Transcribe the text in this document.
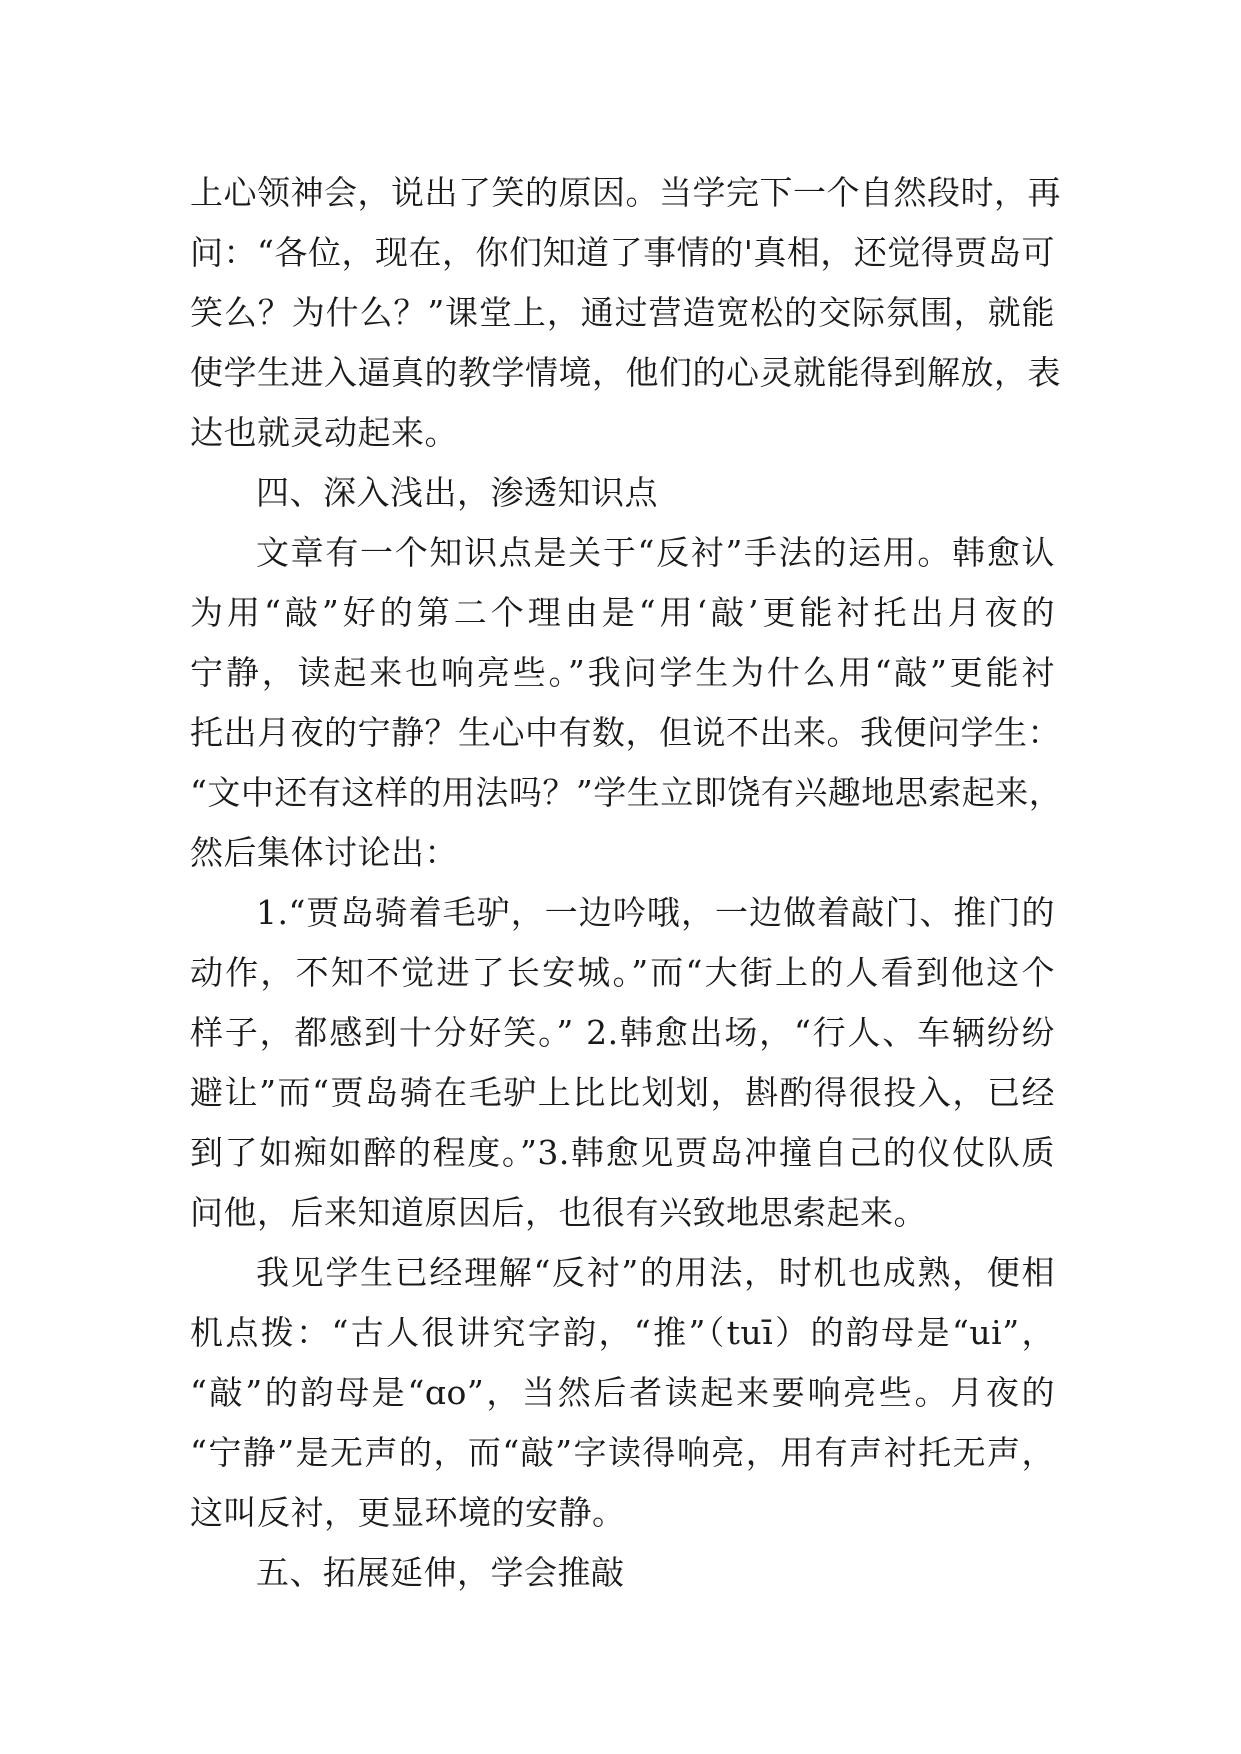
上心领神会，说出了笑的原因。当学完下一个自然段时，再
问：“各位，现在，你们知道了事情的'真相，还觉得贾岛可
笑么？为什么？”课堂上，通过营造宽松的交际氛围，就能
使学生进入逼真的教学情境，他们的心灵就能得到解放，表
达也就灵动起来。
四、深入浅出，渗透知识点
文章有一个知识点是关于“反衬”手法的运用。韩愈认
为用“敲”好的第二个理由是“用‘敲’更能衬托出月夜的
宁静，读起来也响亮些。”我问学生为什么用“敲”更能衬
托出月夜的宁静？生心中有数，但说不出来。我便问学生：
“文中还有这样的用法吗？”学生立即饶有兴趣地思索起来，
然后集体讨论出：
1.“贾岛骑着毛驴，一边吟哦，一边做着敲门、推门的
动作，不知不觉进了长安城。”而“大街上的人看到他这个
样子，都感到十分好笑。” 2.韩愈出场，“行人、车辆纷纷
避让”而“贾岛骑在毛驴上比比划划，斟酌得很投入，已经
到了如痴如醉的程度。”3.韩愈见贾岛冲撞自己的仪仗队质
问他，后来知道原因后，也很有兴致地思索起来。
我见学生已经理解“反衬”的用法，时机也成熟，便相
机点拨：“古人很讲究字韵，“推”（tuī）的韵母是“ui”，
“敲”的韵母是“ɑo”，当然后者读起来要响亮些。月夜的
“宁静”是无声的，而“敲”字读得响亮，用有声衬托无声，
这叫反衬，更显环境的安静。
五、拓展延伸，学会推敲
